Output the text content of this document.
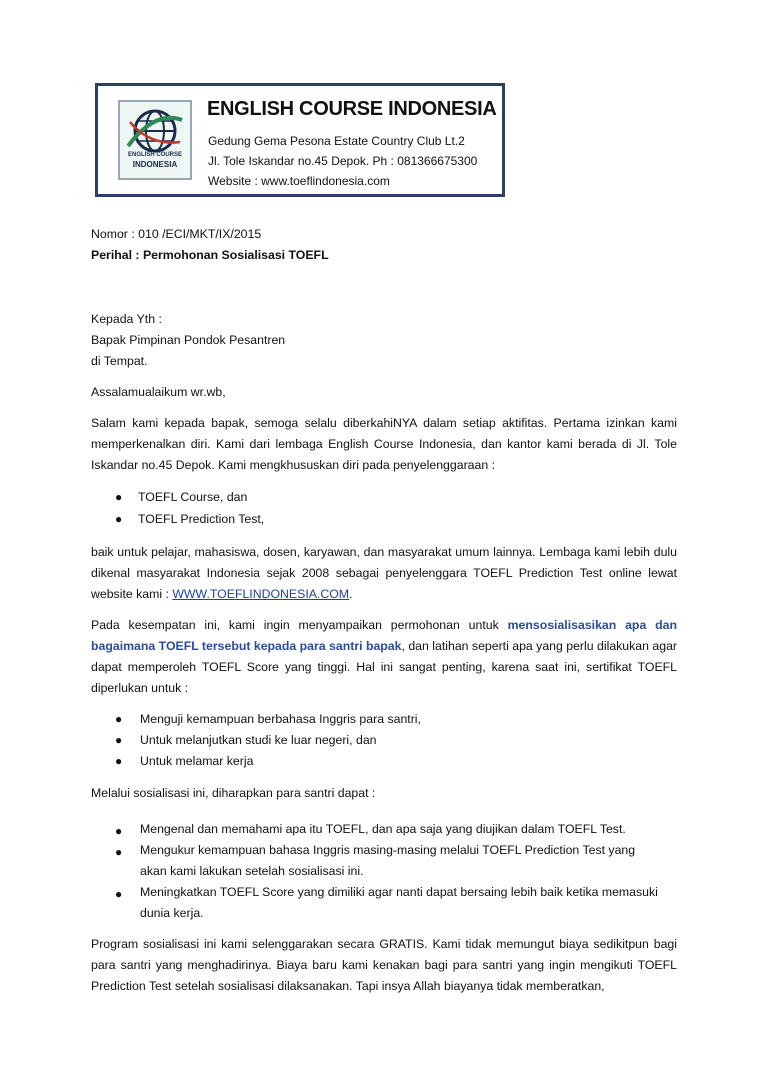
ENGLISH COURSE
INDONESIA
ENGLISH COURSE INDONESIA
Gedung Gema Pesona Estate Country Club Lt.2
Jl. Tole Iskandar no.45 Depok. Ph : 081366675300
Website : www.toeflindonesia.com
Nomor : 010 /ECI/MKT/IX/2015
Perihal : Permohonan Sosialisasi TOEFL
Kepada Yth :
Bapak Pimpinan Pondok Pesantren
di Tempat.
Assalamualaikum wr.wb,

Salam kami kepada bapak, semoga selalu diberkahiNYA dalam setiap aktifitas. Pertama izinkan kami memperkenalkan diri. Kami dari lembaga English Course Indonesia, dan kantor kami berada di Jl. Tole Iskandar no.45 Depok. Kami mengkhususkan diri pada penyelenggaraan :

● TOEFL Course, dan
● TOEFL Prediction Test,

baik untuk pelajar, mahasiswa, dosen, karyawan, dan masyarakat umum lainnya. Lembaga kami lebih dulu dikenal masyarakat Indonesia sejak 2008 sebagai penyelenggara TOEFL Prediction Test online lewat website kami : WWW.TOEFLINDONESIA.COM.

Pada kesempatan ini, kami ingin menyampaikan permohonan untuk mensosialisasikan apa dan bagaimana TOEFL tersebut kepada para santri bapak, dan latihan seperti apa yang perlu dilakukan agar dapat memperoleh TOEFL Score yang tinggi. Hal ini sangat penting, karena saat ini, sertifikat TOEFL diperlukan untuk :

● Menguji kemampuan berbahasa Inggris para santri,
● Untuk melanjutkan studi ke luar negeri, dan
● Untuk melamar kerja
Melalui sosialisasi ini, diharapkan para santri dapat :
● Mengenal dan memahami apa itu TOEFL, dan apa saja yang diujikan dalam TOEFL Test.
● Mengukur kemampuan bahasa Inggris masing-masing melalui TOEFL Prediction Test yang akan kami lakukan setelah sosialisasi ini.
● Meningkatkan TOEFL Score yang dimiliki agar nanti dapat bersaing lebih baik ketika memasuki dunia kerja.

Program sosialisasi ini kami selenggarakan secara GRATIS. Kami tidak memungut biaya sedikitpun bagi para santri yang menghadirinya. Biaya baru kami kenakan bagi para santri yang ingin mengikuti TOEFL Prediction Test setelah sosialisasi dilaksanakan. Tapi insya Allah biayanya tidak memberatkan,
